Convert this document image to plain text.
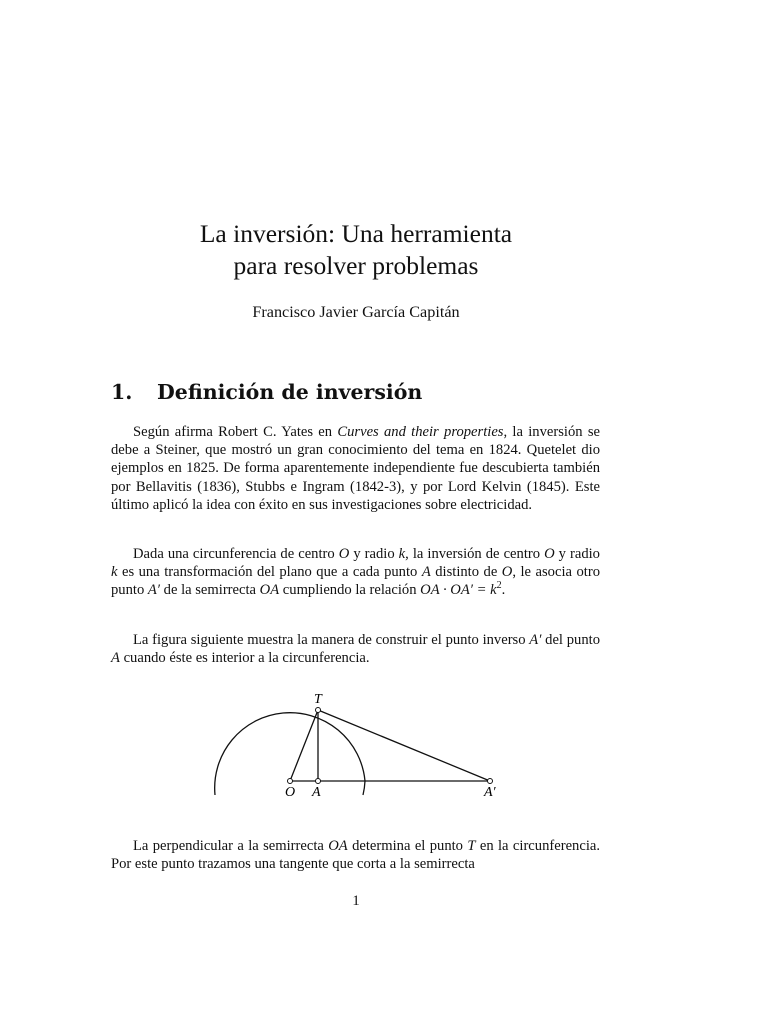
La inversión: Una herramienta
para resolver problemas
Francisco Javier García Capitán
1. Definición de inversión
Según afirma Robert C. Yates en Curves and their properties, la inversión se debe a Steiner, que mostró un gran conocimiento del tema en 1824. Quetelet dio ejemplos en 1825. De forma aparentemente independiente fue descubierta también por Bellavitis (1836), Stubbs e Ingram (1842-3), y por Lord Kelvin (1845). Este último aplicó la idea con éxito en sus investigaciones sobre electricidad.
Dada una circunferencia de centro O y radio k, la inversión de centro O y radio k es una transformación del plano que a cada punto A distinto de O, le asocia otro punto A′ de la semirrecta OA cumpliendo la relación OA · $OA' = k^2$.
La figura siguiente muestra la manera de construir el punto inverso A′ del punto A cuando éste es interior a la circunferencia.
T
O A	A′
La perpendicular a la semirrecta OA determina el punto T en la circunferencia. Por este punto trazamos una tangente que corta a la semirrecta
1
